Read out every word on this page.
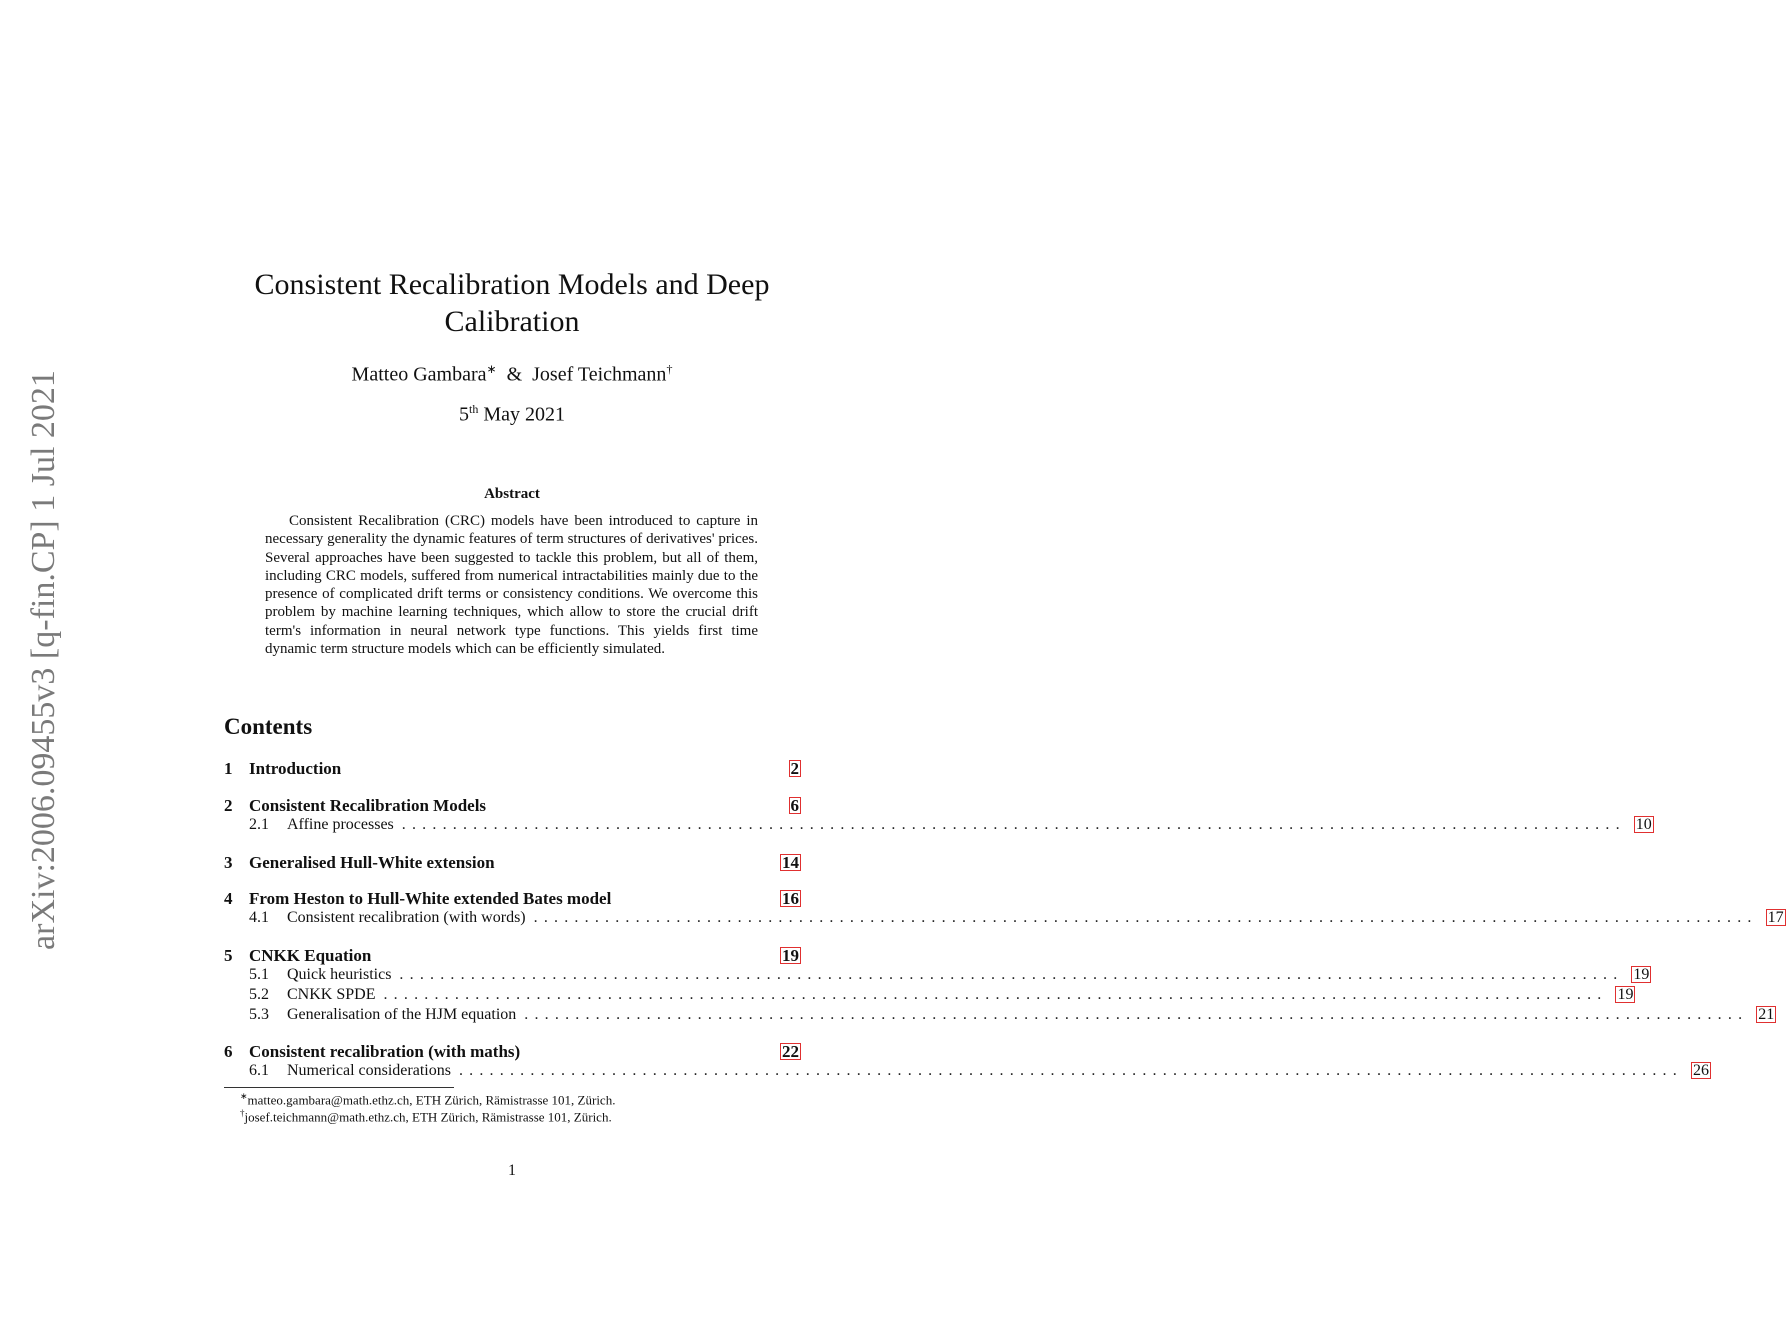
arXiv:2006.09455v3 [q-fin.CP] 1 Jul 2021
Consistent Recalibration Models and Deep Calibration
Matteo Gambara∗ & Josef Teichmann†
5th May 2021
Abstract
Consistent Recalibration (CRC) models have been introduced to capture in necessary generality the dynamic features of term structures of derivatives' prices. Several approaches have been suggested to tackle this problem, but all of them, including CRC models, suffered from numerical intractabilities mainly due to the presence of complicated drift terms or consistency conditions. We overcome this problem by machine learning techniques, which allow to store the crucial drift term's information in neural network type functions. This yields first time dynamic term structure models which can be efficiently simulated.
Contents
1 Introduction	2
2 Consistent Recalibration Models	6
2.1	Affine processes ........................................................................................................................ 10
3 Generalised Hull-White extension	14
4 From Heston to Hull-White extended Bates model	16
4.1	Consistent recalibration (with words) ........................................................................................................................ 17
5 CNKK Equation	19
5.1	Quick heuristics ........................................................................................................................ 19
5.2	CNKK SPDE ........................................................................................................................ 19
5.3	Generalisation of the HJM equation ........................................................................................................................ 21
6 Consistent recalibration (with maths)	22
6.1	Numerical considerations ........................................................................................................................ 26
∗matteo.gambara@math.ethz.ch, ETH Zürich, Rämistrasse 101, Zürich.
†josef.teichmann@math.ethz.ch, ETH Zürich, Rämistrasse 101, Zürich.
1
